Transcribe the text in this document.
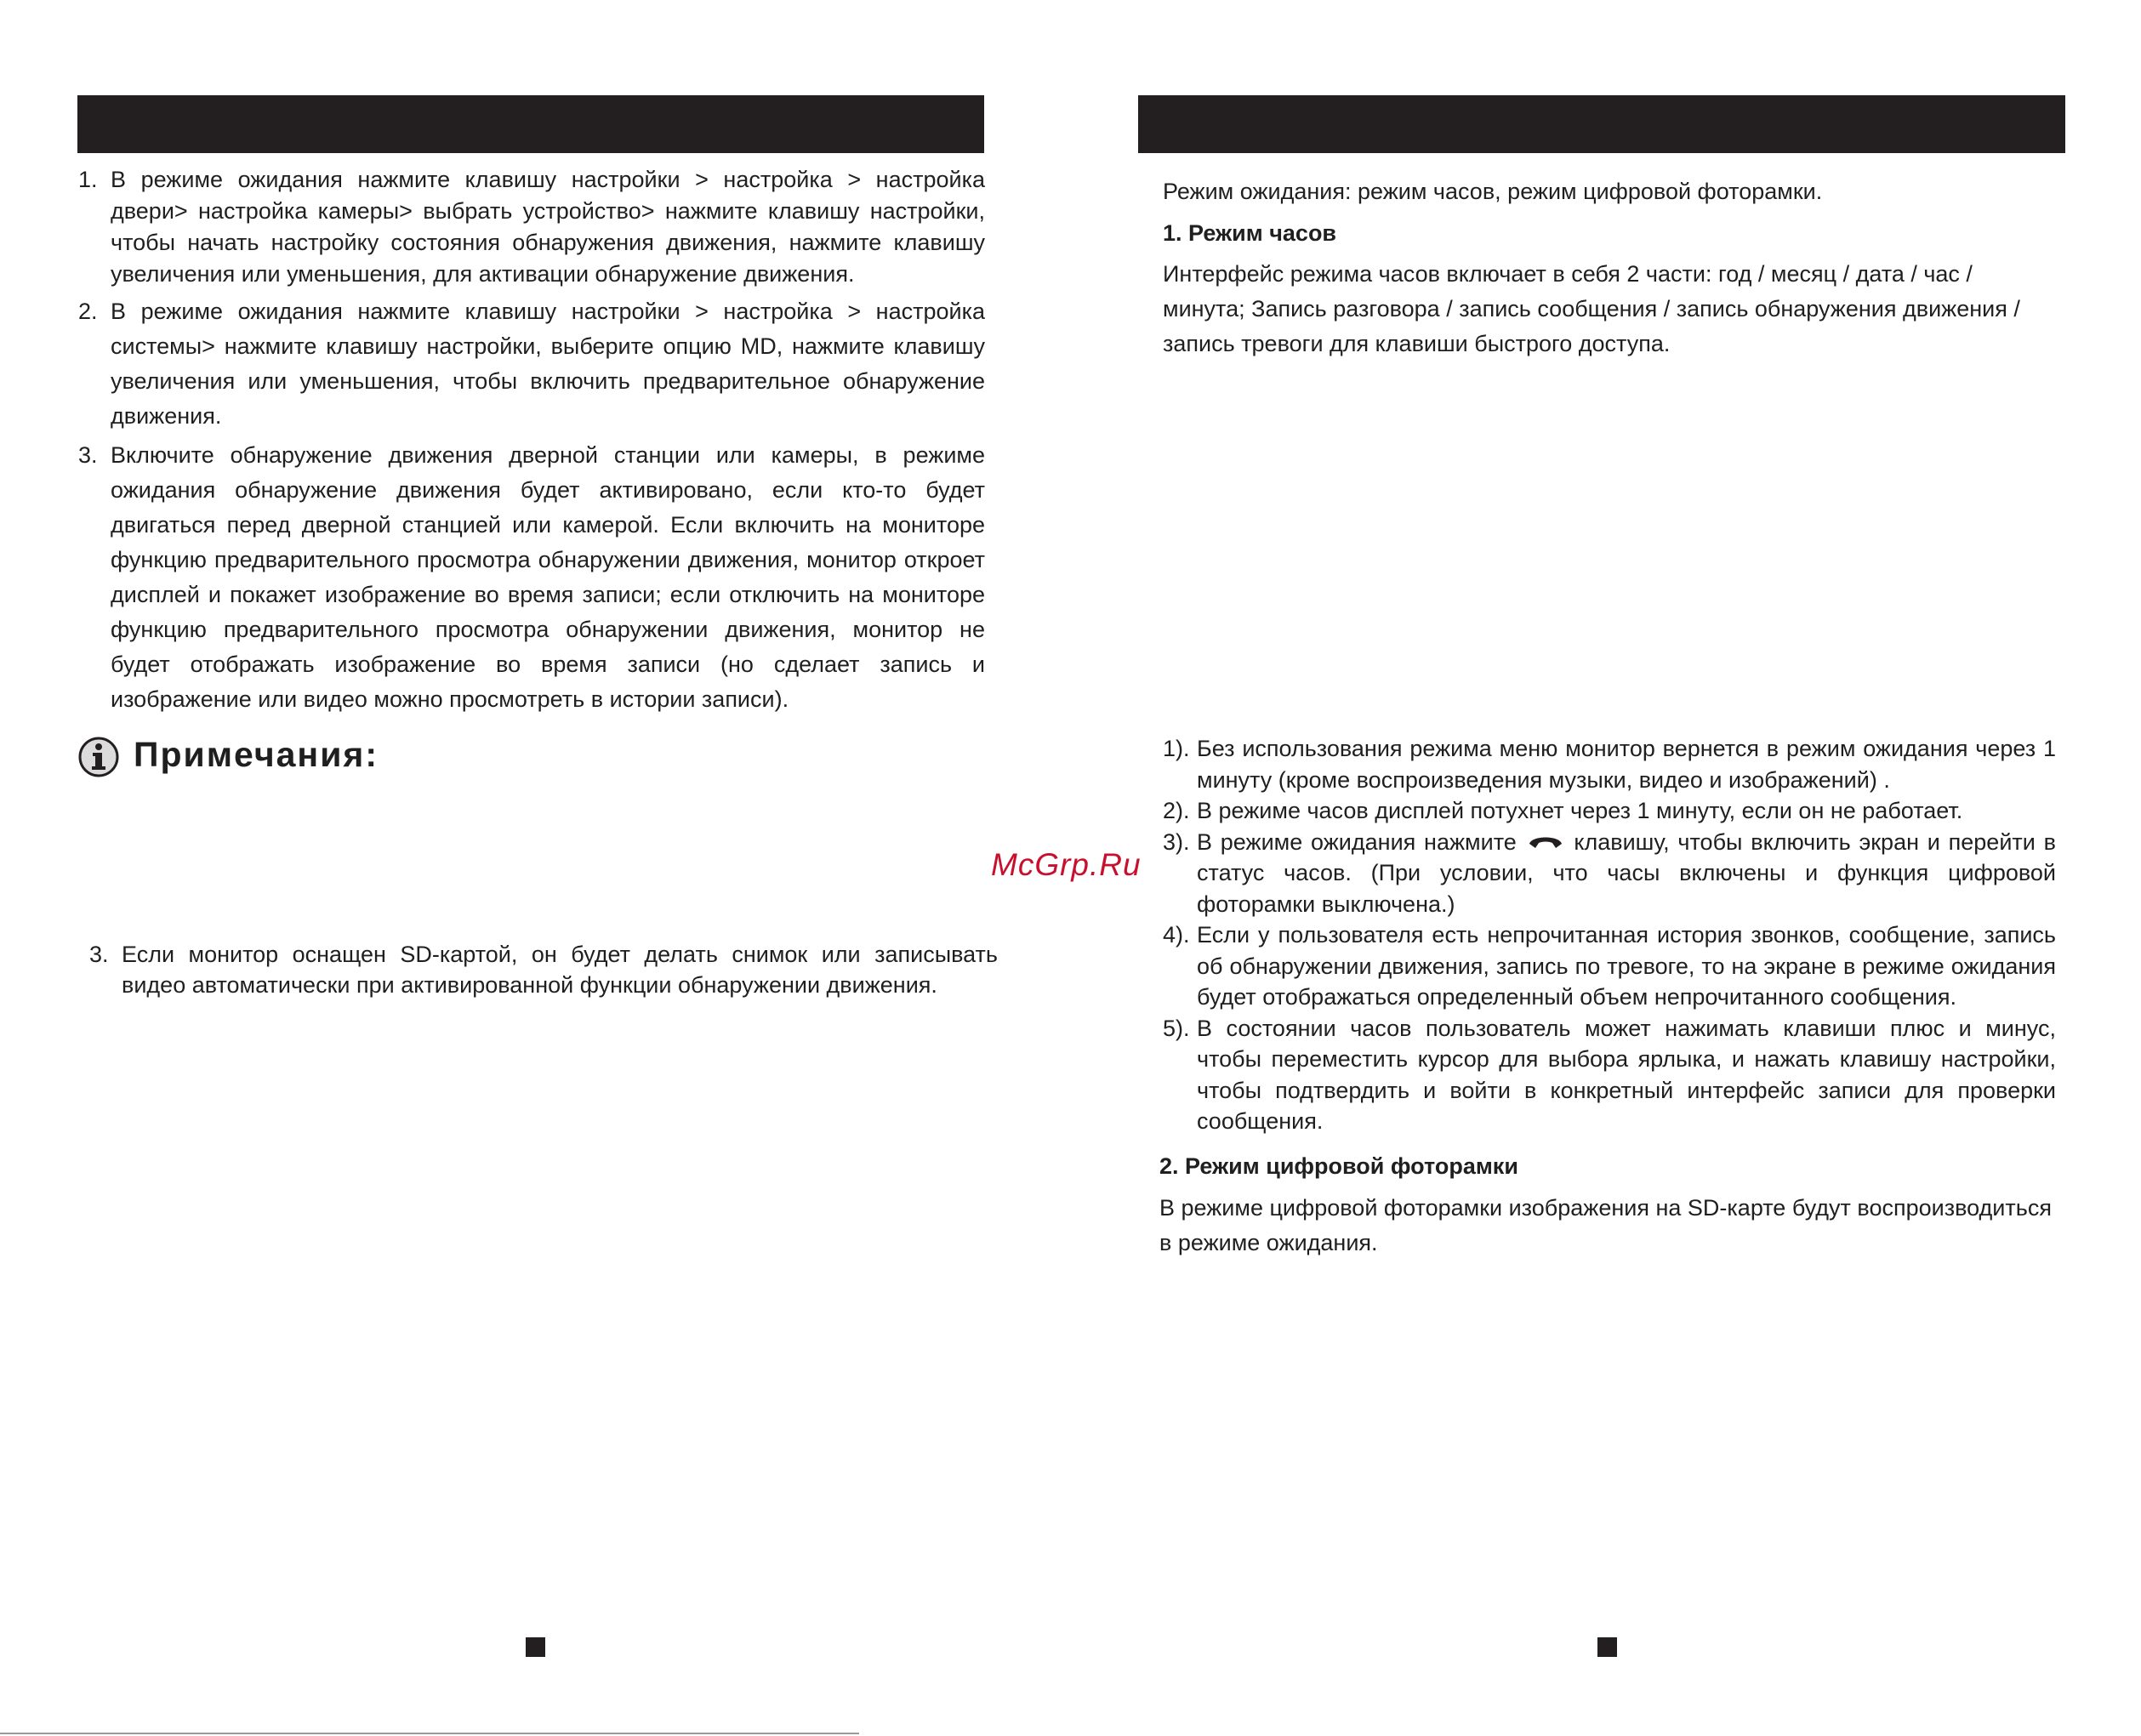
1. В режиме ожидания нажмите клавишу настройки > настройка > настройка двери> настройка камеры> выбрать устройство> нажмите клавишу настройки, чтобы начать настройку состояния обнаружения движения, нажмите клавишу увеличения или уменьшения, для активации обнаружение движения.
2. В режиме ожидания нажмите клавишу настройки > настройка > настройка системы> нажмите клавишу настройки, выберите опцию MD, нажмите клавишу увеличения или уменьшения, чтобы включить предварительное обнаружение движения.
3. Включите обнаружение движения дверной станции или камеры, в режиме ожидания обнаружение движения будет активировано, если кто-то будет двигаться перед дверной станцией или камерой. Если включить на мониторе функцию предварительного просмотра обнаружении движения, монитор откроет дисплей и покажет изображение во время записи; если отключить на мониторе функцию предварительного просмотра обнаружении движения, монитор не будет отображать изображение во время записи (но сделает запись и изображение или видео можно просмотреть в истории записи).
Примечания:
3. Если монитор оснащен SD-картой, он будет делать снимок или записывать видео автоматически при активированной функции обнаружении движения.
McGrp.Ru
Режим ожидания: режим часов, режим цифровой фоторамки.
1. Режим часов
Интерфейс режима часов включает в себя 2 части: год / месяц / дата / час / минута; Запись разговора / запись сообщения / запись обнаружения движения / запись тревоги для клавиши быстрого доступа.
1). Без использования режима меню монитор вернется в режим ожидания через 1 минуту (кроме воспроизведения музыки, видео и изображений) .
2). В режиме часов дисплей потухнет через 1 минуту, если он не работает.
3). В режиме ожидания нажмите	клавишу, чтобы включить экран и перейти в статус часов. (При условии, что часы включены и функция цифровой фоторамки выключена.)
4). Если у пользователя есть непрочитанная история звонков, сообщение, запись об обнаружении движения, запись по тревоге, то на экране в режиме ожидания будет отображаться определенный объем непрочитанного сообщения.
5). В состоянии часов пользователь может нажимать клавиши плюс и минус, чтобы переместить курсор для выбора ярлыка, и нажать клавишу настройки, чтобы подтвердить и войти в конкретный интерфейс записи для проверки сообщения.
2. Режим цифровой фоторамки
В режиме цифровой фоторамки изображения на SD-карте будут воспроизводиться в режиме ожидания.
